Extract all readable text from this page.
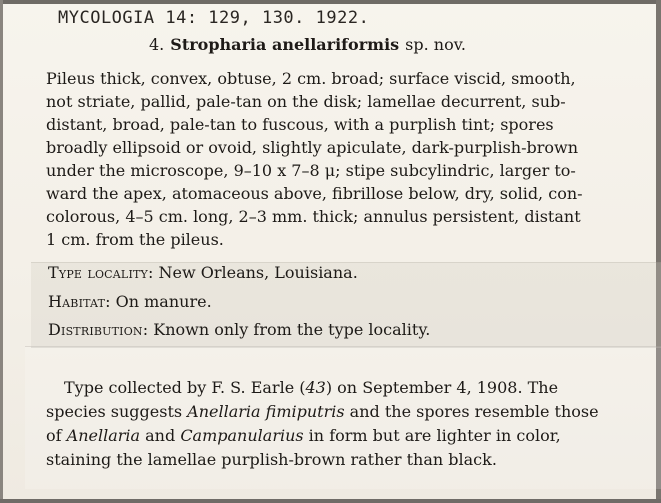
MYCOLOGIA 14: 129, 130. 1922.
4. Stropharia anellariformis sp. nov.
Pileus thick, convex, obtuse, 2 cm. broad; surface viscid, smooth,
not striate, pallid, pale-tan on the disk; lamellae decurrent, sub-
distant, broad, pale-tan to fuscous, with a purplish tint; spores
broadly ellipsoid or ovoid, slightly apiculate, dark-purplish-brown
under the microscope, 9–10 x 7–8 μ; stipe subcylindric, larger to-
ward the apex, atomaceous above, fibrillose below, dry, solid, con-
colorous, 4–5 cm. long, 2–3 mm. thick; annulus persistent, distant
1 cm. from the pileus.
Type locality: New Orleans, Louisiana.
Habitat: On manure.
Distribution: Known only from the type locality.
Type collected by F. S. Earle (43) on September 4, 1908. The
species suggests Anellaria fimiputris and the spores resemble those
of Anellaria and Campanularius in form but are lighter in color,
staining the lamellae purplish-brown rather than black.
